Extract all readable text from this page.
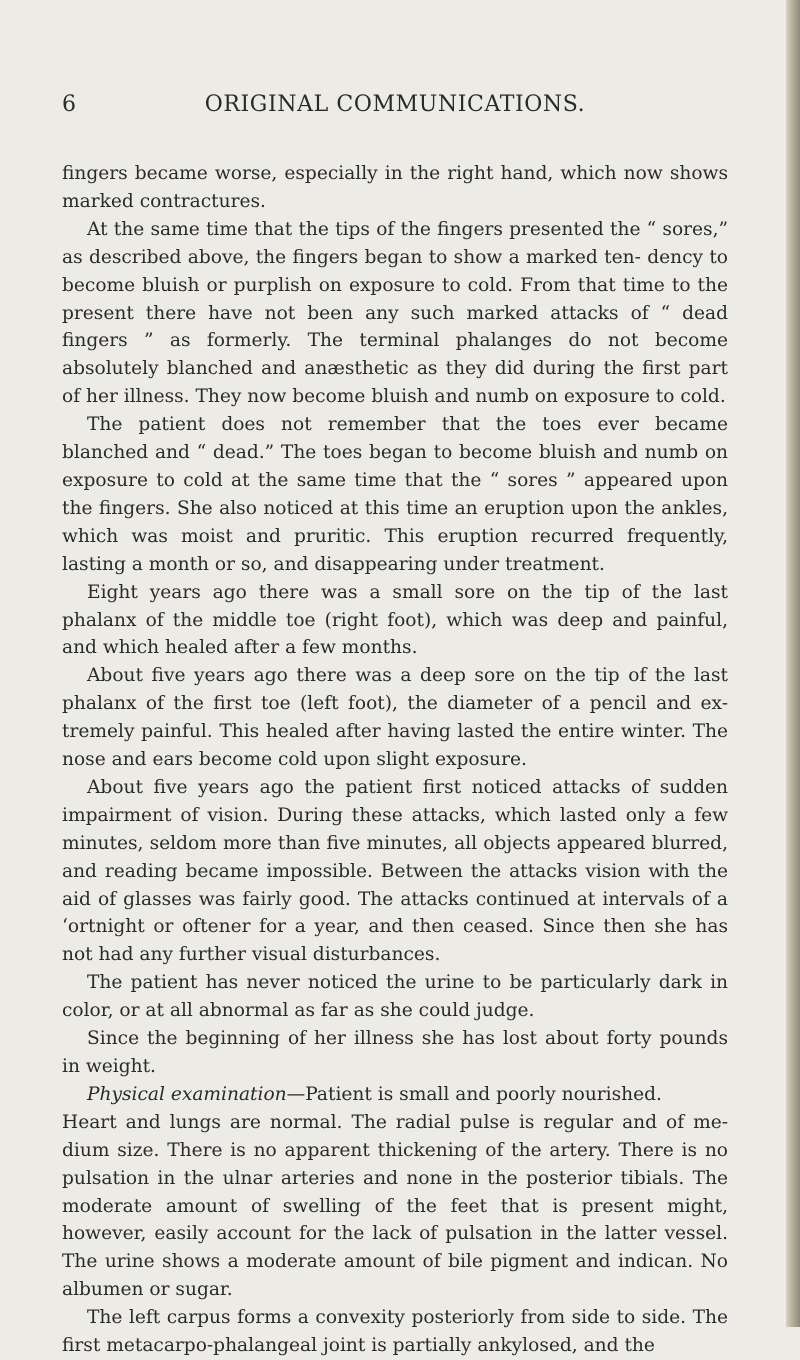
6	ORIGINAL COMMUNICATIONS.

fingers became worse, especially in the right hand, which now shows marked contractures.

At the same time that the tips of the fingers presented the “ sores,” as described above, the fingers began to show a marked ten- dency to become bluish or purplish on exposure to cold. From that time to the present there have not been any such marked attacks of “ dead fingers ” as formerly. The terminal phalanges do not become absolutely blanched and anæsthetic as they did during the first part of her illness. They now become bluish and numb on exposure to cold.

The patient does not remember that the toes ever became blanched and “ dead.” The toes began to become bluish and numb on exposure to cold at the same time that the “ sores ” appeared upon the fingers. She also noticed at this time an eruption upon the ankles, which was moist and pruritic. This eruption recurred frequently, lasting a month or so, and disappearing under treatment.

Eight years ago there was a small sore on the tip of the last phalanx of the middle toe (right foot), which was deep and painful, and which healed after a few months.

About five years ago there was a deep sore on the tip of the last phalanx of the first toe (left foot), the diameter of a pencil and ex- tremely painful. This healed after having lasted the entire winter. The nose and ears become cold upon slight exposure.

About five years ago the patient first noticed attacks of sudden impairment of vision. During these attacks, which lasted only a few minutes, seldom more than five minutes, all objects appeared blurred, and reading became impossible. Between the attacks vision with the aid of glasses was fairly good. The attacks continued at intervals of a ‘ortnight or oftener for a year, and then ceased. Since then she has not had any further visual disturbances.

The patient has never noticed the urine to be particularly dark in color, or at all abnormal as far as she could judge.

Since the beginning of her illness she has lost about forty pounds in weight.

Physical examination—Patient is small and poorly nourished.

Heart and lungs are normal. The radial pulse is regular and of me- dium size. There is no apparent thickening of the artery. There is no pulsation in the ulnar arteries and none in the posterior tibials. The moderate amount of swelling of the feet that is present might, however, easily account for the lack of pulsation in the latter vessel. The urine shows a moderate amount of bile pigment and indican. No albumen or sugar.

The left carpus forms a convexity posteriorly from side to side. The first metacarpo-phalangeal joint is partially ankylosed, and the
